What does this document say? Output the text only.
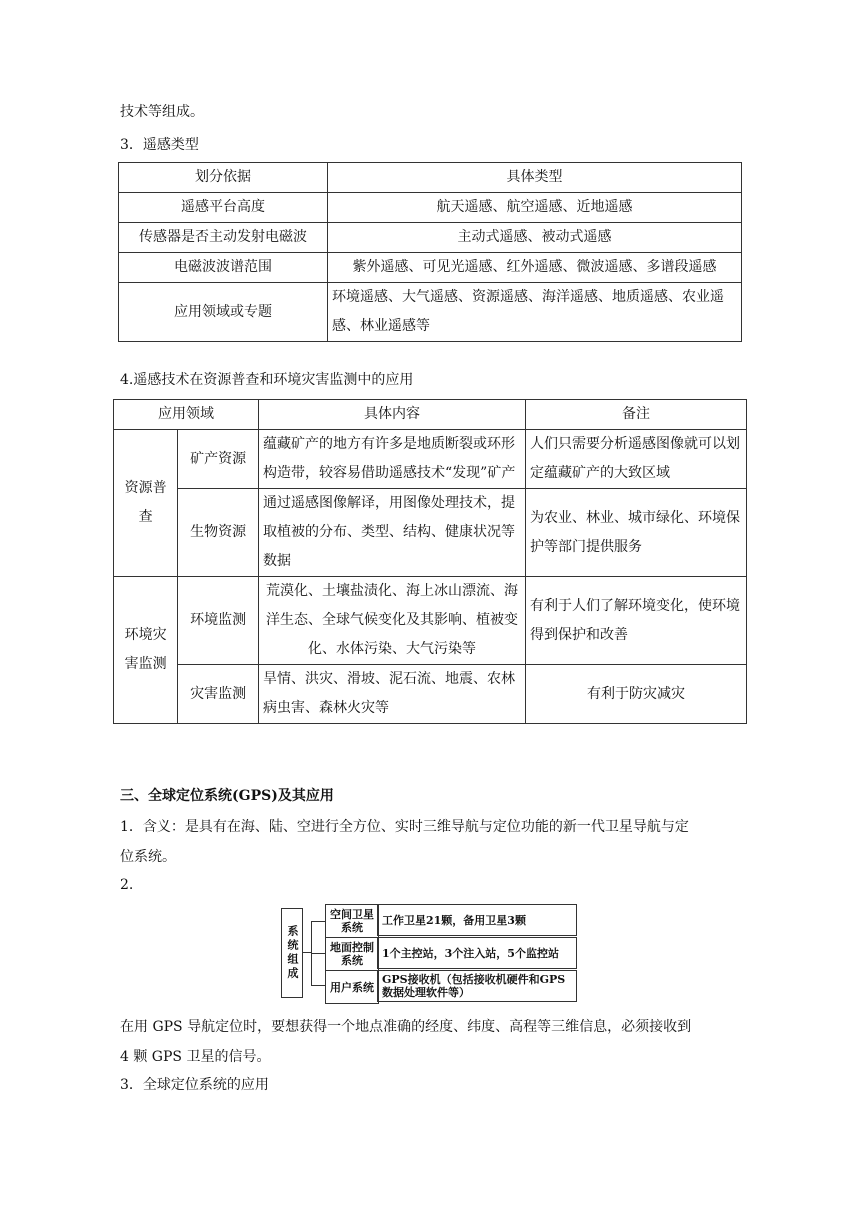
技术等组成。

3．遥感类型

划分依据	具体类型
遥感平台高度	航天遥感、航空遥感、近地遥感
传感器是否主动发射电磁波	主动式遥感、被动式遥感
电磁波波谱范围	紫外遥感、可见光遥感、红外遥感、微波遥感、多谱段遥感
应用领域或专题	环境遥感、大气遥感、资源遥感、海洋遥感、地质遥感、农业遥感、林业遥感等

4.遥感技术在资源普查和环境灾害监测中的应用

应用领域		具体内容	备注
资源普查	矿产资源	蕴藏矿产的地方有许多是地质断裂或环形构造带，较容易借助遥感技术“发现”矿产	人们只需要分析遥感图像就可以划定蕴藏矿产的大致区域
	生物资源	通过遥感图像解译，用图像处理技术，提取植被的分布、类型、结构、健康状况等数据	为农业、林业、城市绿化、环境保护等部门提供服务
环境灾害监测	环境监测	荒漠化、土壤盐渍化、海上冰山漂流、海洋生态、全球气候变化及其影响、植被变化、水体污染、大气污染等	有利于人们了解环境变化，使环境得到保护和改善
	灾害监测	旱情、洪灾、滑坡、泥石流、地震、农林病虫害、森林火灾等	有利于防灾减灾

三、全球定位系统(GPS)及其应用

1．含义：是具有在海、陆、空进行全方位、实时三维导航与定位功能的新一代卫星导航与定

位系统。

2.

系统组成
空间卫星系统
工作卫星21颗，备用卫星3颗
地面控制系统
1个主控站，3个注入站，5个监控站
用户系统
GPS接收机（包括接收机硬件和GPS数据处理软件等）

在用 GPS 导航定位时，要想获得一个地点准确的经度、纬度、高程等三维信息，必须接收到

4 颗 GPS 卫星的信号。

3．全球定位系统的应用
